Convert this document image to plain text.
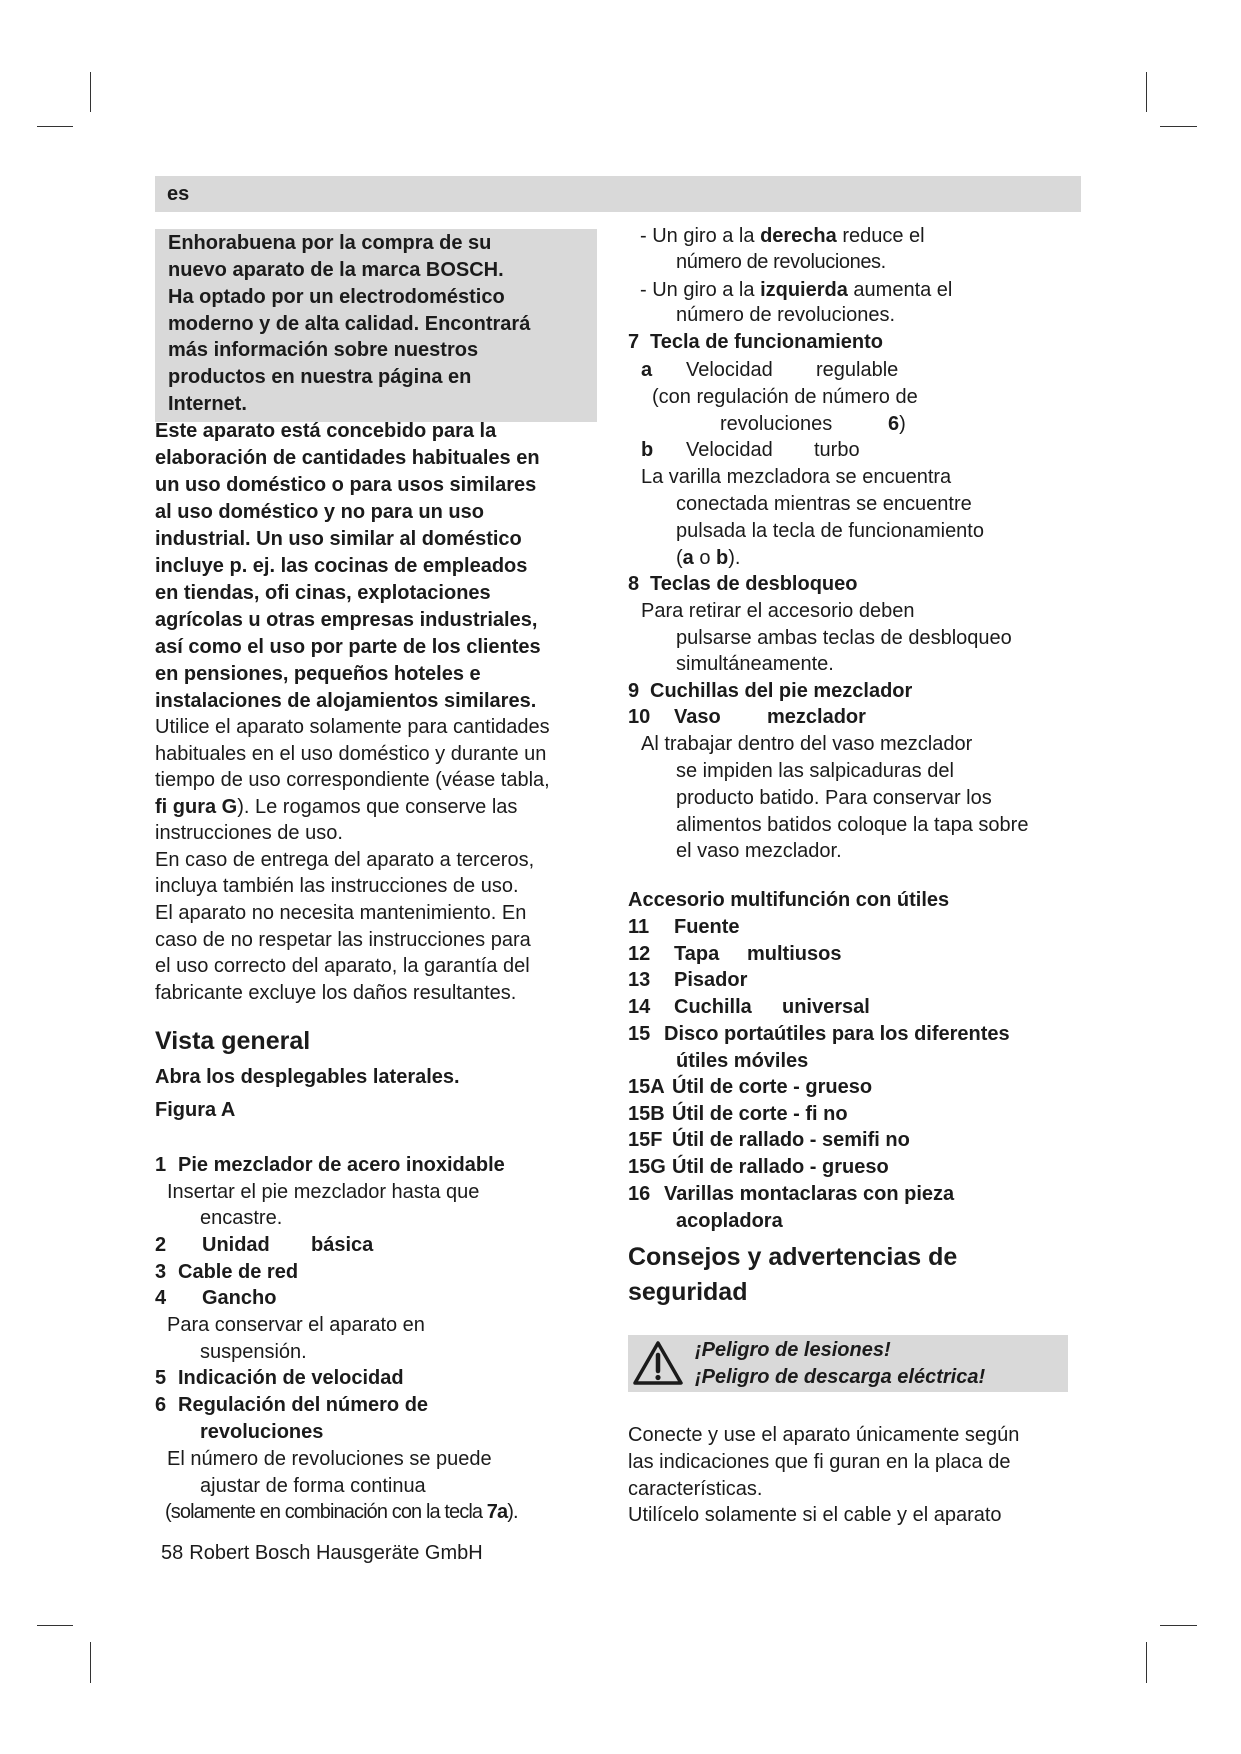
es
Enhorabuena por la compra de su
nuevo aparato de la marca BOSCH.
Ha optado por un electrodoméstico
moderno y de alta calidad. Encontrará
más información sobre nuestros
productos en nuestra página en
Internet.
Este aparato está concebido para la
elaboración de cantidades habituales en
un uso doméstico o para usos similares
al uso doméstico y no para un uso
industrial. Un uso similar al doméstico
incluye p. ej. las cocinas de empleados
en tiendas, ofi cinas, explotaciones
agrícolas u otras empresas industriales,
así como el uso por parte de los clientes
en pensiones, pequeños hoteles e
instalaciones de alojamientos similares.
Utilice el aparato solamente para cantidades
habituales en el uso doméstico y durante un
tiempo de uso correspondiente (véase tabla,
fi gura G). Le rogamos que conserve las
instrucciones de uso.
En caso de entrega del aparato a terceros,
incluya también las instrucciones de uso.
El aparato no necesita mantenimiento. En
caso de no respetar las instrucciones para
el uso correcto del aparato, la garantía del
fabricante excluye los daños resultantes.
Vista general
Abra los desplegables laterales.
Figura A
1 Pie mezclador de acero inoxidable
Insertar el pie mezclador hasta que
encastre.
2 Unidad básica
3 Cable de red
4 Gancho
Para conservar el aparato en
suspensión.
5 Indicación de velocidad
6 Regulación del número de
revoluciones
El número de revoluciones se puede
ajustar de forma continua
(solamente en combinación con la tecla 7a).
58 Robert Bosch Hausgeräte GmbH
- Un giro a la derecha reduce el
número de revoluciones.
- Un giro a la izquierda aumenta el
número de revoluciones.
7 Tecla de funcionamiento
a Velocidad regulable
(con regulación de número de
revoluciones	6)
b Velocidad turbo
La varilla mezcladora se encuentra
conectada mientras se encuentre
pulsada la tecla de funcionamiento
(a o b).
8 Teclas de desbloqueo
Para retirar el accesorio deben
pulsarse ambas teclas de desbloqueo
simultáneamente.
9 Cuchillas del pie mezclador
10 Vaso mezclador
Al trabajar dentro del vaso mezclador
se impiden las salpicaduras del
producto batido. Para conservar los
alimentos batidos coloque la tapa sobre
el vaso mezclador.
Accesorio multifunción con útiles
11 Fuente
12 Tapa multiusos
13 Pisador
14 Cuchilla universal
15 Disco portaútiles para los diferentes
útiles móviles
15A Útil de corte - grueso
15B Útil de corte - fi no
15F Útil de rallado - semifi no
15G Útil de rallado - grueso
16 Varillas montaclaras con pieza
acopladora
Consejos y advertencias de
seguridad
¡Peligro de lesiones!
¡Peligro de descarga eléctrica!
Conecte y use el aparato únicamente según
las indicaciones que fi guran en la placa de
características.
Utilícelo solamente si el cable y el aparato
